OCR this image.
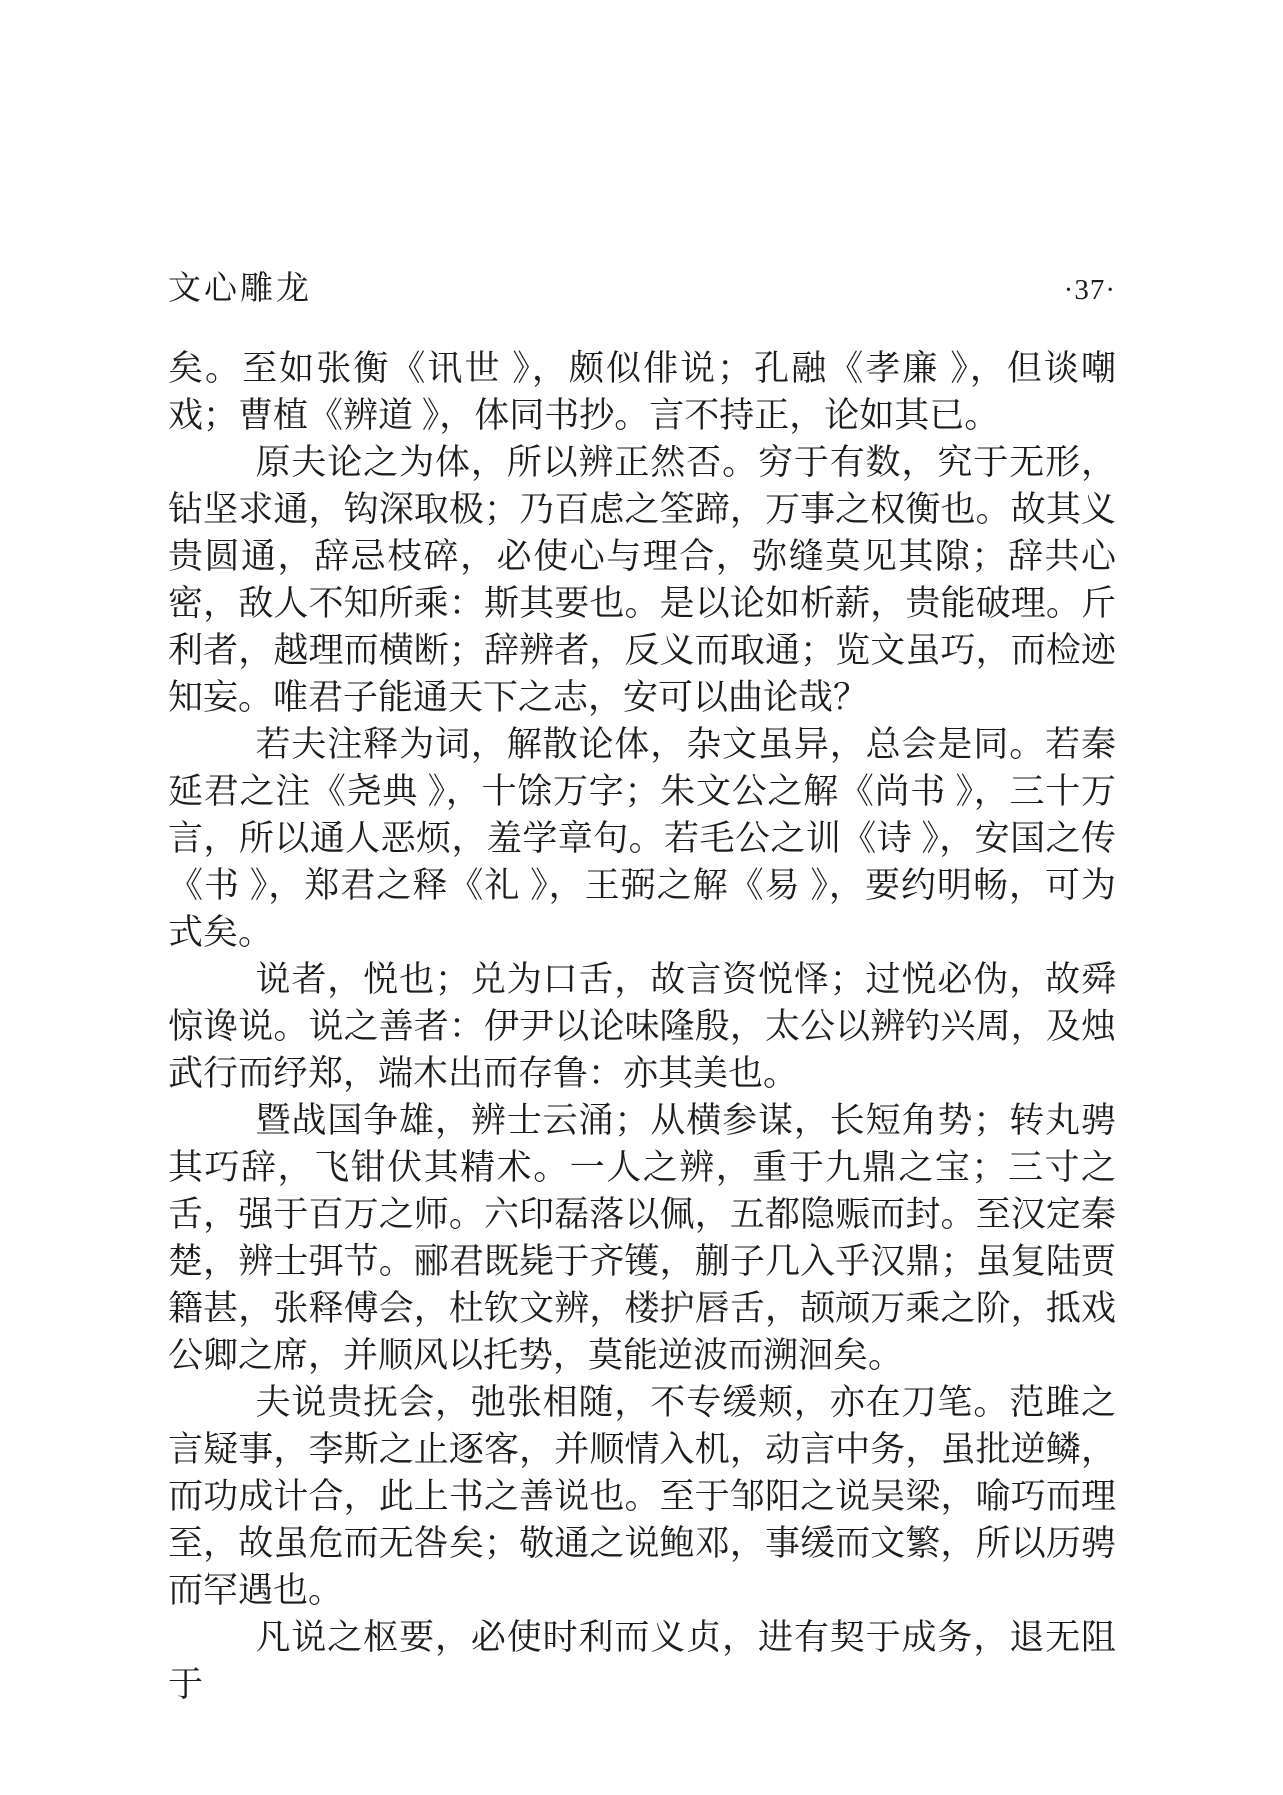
文心雕龙	·37·

矣。至如张衡《讯世 》，颇似俳说；孔融《孝廉 》，但谈嘲戏；曹植《辨道 》，体同书抄。言不持正，论如其已。

原夫论之为体，所以辨正然否。穷于有数，究于无形，钻坚求通，钩深取极；乃百虑之筌蹄，万事之权衡也。故其义贵圆通，辞忌枝碎，必使心与理合，弥缝莫见其隙；辞共心密，敌人不知所乘：斯其要也。是以论如析薪，贵能破理。斤利者，越理而横断；辞辨者，反义而取通；览文虽巧，而检迹知妄。唯君子能通天下之志，安可以曲论哉？

若夫注释为词，解散论体，杂文虽异，总会是同。若秦延君之注《尧典 》，十馀万字；朱文公之解《尚书 》，三十万言，所以通人恶烦，羞学章句。若毛公之训《诗 》，安国之传《书 》，郑君之释《礼 》，王弼之解《易 》，要约明畅，可为式矣。

说者，悦也；兑为口舌，故言资悦怿；过悦必伪，故舜惊谗说。说之善者：伊尹以论味隆殷，太公以辨钓兴周，及烛武行而纾郑，端木出而存鲁：亦其美也。

暨战国争雄，辨士云涌；从横参谋，长短角势；转丸骋其巧辞，飞钳伏其精术。一人之辨，重于九鼎之宝；三寸之舌，强于百万之师。六印磊落以佩，五都隐赈而封。至汉定秦楚，辨士弭节。郦君既毙于齐镬，蒯子几入乎汉鼎；虽复陆贾籍甚，张释傅会，杜钦文辨，楼护唇舌，颉颃万乘之阶，抵戏公卿之席，并顺风以托势，莫能逆波而溯洄矣。

夫说贵抚会，弛张相随，不专缓颊，亦在刀笔。范雎之言疑事，李斯之止逐客，并顺情入机，动言中务，虽批逆鳞，而功成计合，此上书之善说也。至于邹阳之说吴梁，喻巧而理至，故虽危而无咎矣；敬通之说鲍邓，事缓而文繁，所以历骋而罕遇也。

凡说之枢要，必使时利而义贞，进有契于成务，退无阻于
